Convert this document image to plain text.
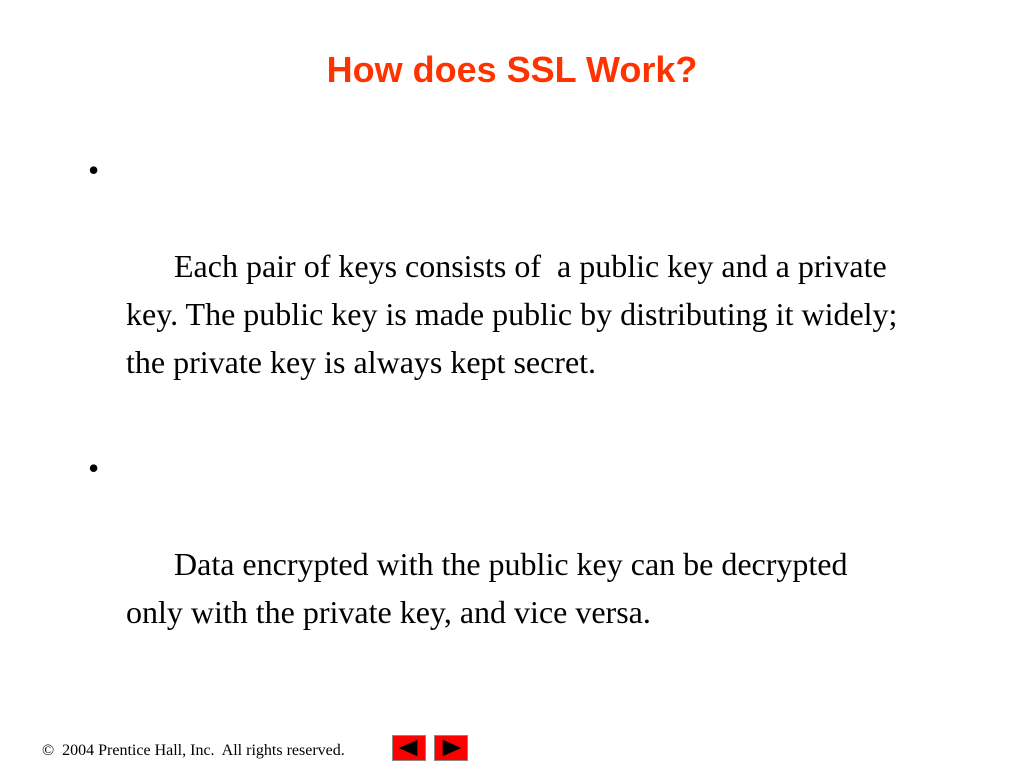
How does SSL Work?

•

Each pair of keys consists of  a public key and a private key. The public key is made public by distributing it widely; the private key is always kept secret.

•

Data encrypted with the public key can be decrypted only with the private key, and vice versa.

©  2004 Prentice Hall, Inc.  All rights reserved.
